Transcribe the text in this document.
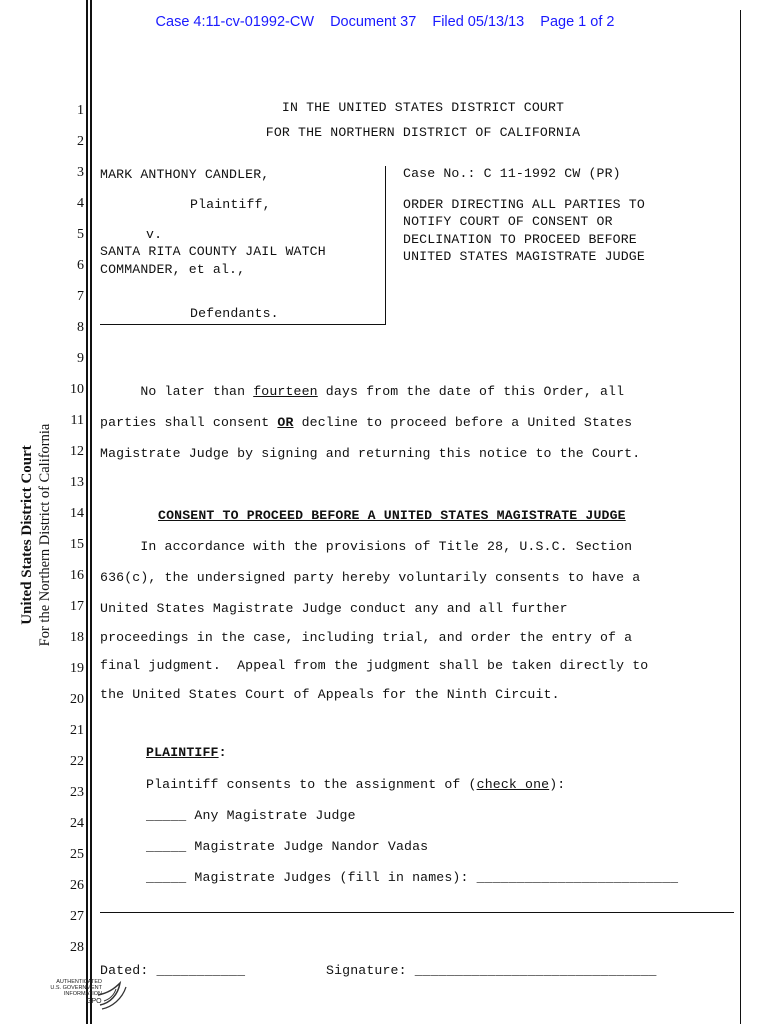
Case 4:11-cv-01992-CW Document 37 Filed 05/13/13 Page 1 of 2
United States District Court For the Northern District of California
1
2
3
4
5
6
7
8
9
10
11
12
13
14
15
16
17
18
19
20
21
22
23
24
25
26
27
28
IN THE UNITED STATES DISTRICT COURT
FOR THE NORTHERN DISTRICT OF CALIFORNIA
MARK ANTHONY CANDLER,
Plaintiff,
v.
SANTA RITA COUNTY JAIL WATCH
COMMANDER, et al.,
Defendants.
Case No.: C 11-1992 CW (PR)
ORDER DIRECTING ALL PARTIES TO
NOTIFY COURT OF CONSENT OR
DECLINATION TO PROCEED BEFORE
UNITED STATES MAGISTRATE JUDGE
No later than fourteen days from the date of this Order, all
parties shall consent OR decline to proceed before a United States
Magistrate Judge by signing and returning this notice to the Court.
CONSENT TO PROCEED BEFORE A UNITED STATES MAGISTRATE JUDGE
In accordance with the provisions of Title 28, U.S.C. Section
636(c), the undersigned party hereby voluntarily consents to have a
United States Magistrate Judge conduct any and all further
proceedings in the case, including trial, and order the entry of a
final judgment.  Appeal from the judgment shall be taken directly to
the United States Court of Appeals for the Ninth Circuit.
PLAINTIFF:
Plaintiff consents to the assignment of (check one):
_____ Any Magistrate Judge
_____ Magistrate Judge Nandor Vadas
_____ Magistrate Judges (fill in names): _________________________
Dated: ___________	Signature: ______________________________
AUTHENTICATED
U.S. GOVERNMENT
INFORMATION
GPO
